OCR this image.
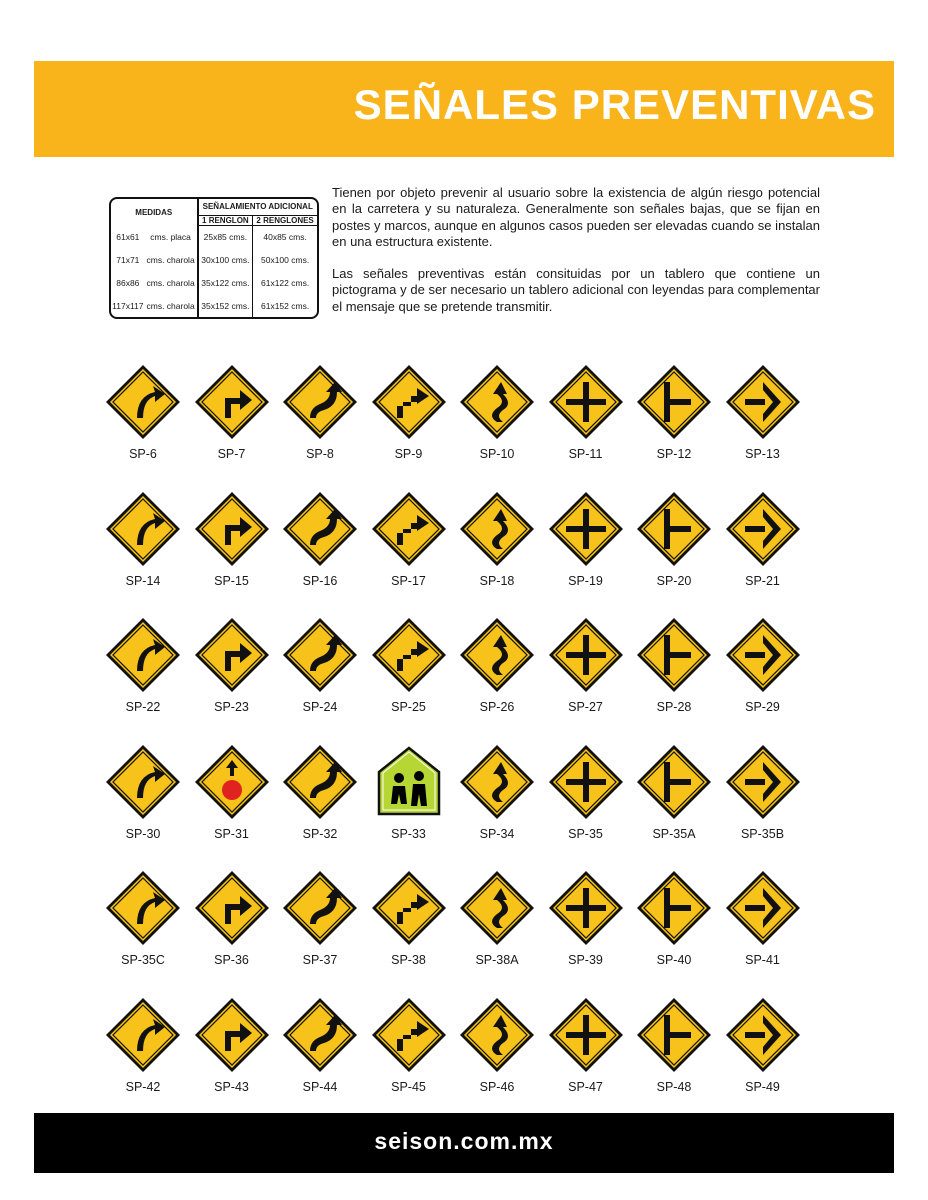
SEÑALES PREVENTIVAS
MEDIDAS		SEÑALAMIENTO ADICIONAL	
		1 RENGLON	2 RENGLONES
61x61	cms. placa	25x85 cms.	40x85 cms.
71x71	cms. charola	30x100 cms.	50x100 cms.
86x86	cms. charola	35x122 cms.	61x122 cms.
117x117	cms. charola	35x152 cms.	61x152 cms.

Tienen por objeto prevenir al usuario sobre la existencia de algún riesgo potencial en la carretera y su naturaleza. Generalmente son señales bajas, que se fijan en postes y marcos, aunque en algunos casos pueden ser elevadas cuando se instalan en una estructura existente.

Las señales preventivas están consituidas por un tablero que contiene un pictograma y de ser necesario un tablero adicional con leyendas para complementar el mensaje que se pretende transmitir.

SP-6	SP-7	SP-8	SP-9	SP-10	SP-11	SP-12	SP-13
SP-14	SP-15	SP-16	SP-17	SP-18	SP-19	SP-20	SP-21
SP-22	SP-23	SP-24	SP-25	SP-26	SP-27	SP-28	SP-29
SP-30	SP-31	SP-32	SP-33	SP-34	SP-35	SP-35A	SP-35B
SP-35C	SP-36	SP-37	SP-38	SP-38A	SP-39	SP-40	SP-41
SP-42	SP-43	SP-44	SP-45	SP-46	SP-47	SP-48	SP-49
seison.com.mx
